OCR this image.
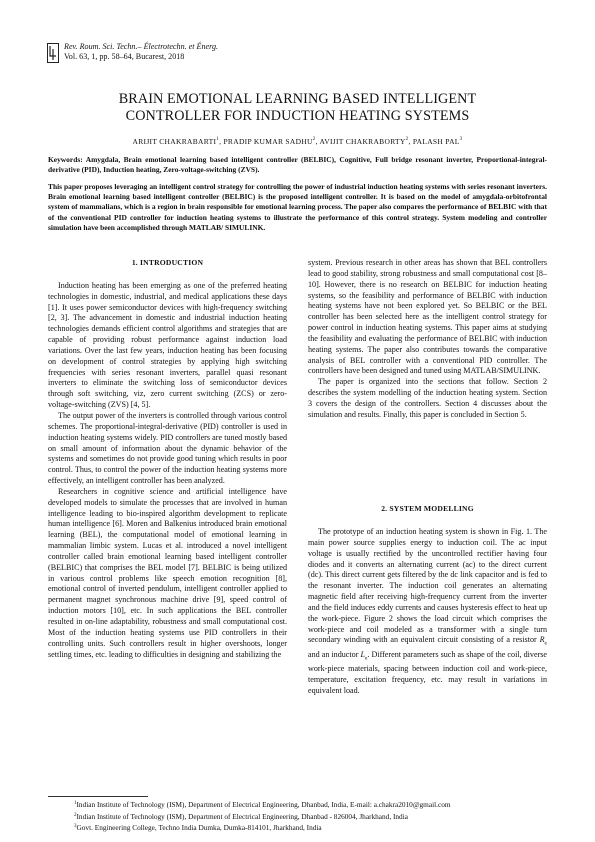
Rev. Roum. Sci. Techn.– Électrotechn. et Énerg.
Vol. 63, 1, pp. 58–64, Bucarest, 2018
BRAIN EMOTIONAL LEARNING BASED INTELLIGENT
CONTROLLER FOR INDUCTION HEATING SYSTEMS
ARIJIT CHAKRABARTI$^1$, PRADIP KUMAR SADHU$^2$, AVIJIT CHAKRABORTY$^2$, PALASH PAL$^3$
Keywords: Amygdala, Brain emotional learning based intelligent controller (BELBIC), Cognitive, Full bridge resonant inverter, Proportional-integral-derivative (PID), Induction heating, Zero-voltage-switching (ZVS).
This paper proposes leveraging an intelligent control strategy for controlling the power of industrial induction heating systems with series resonant inverters. Brain emotional learning based intelligent controller (BELBIC) is the proposed intelligent controller. It is based on the model of amygdala-orbitofrontal system of mammalians, which is a region in brain responsible for emotional learning process. The paper also compares the performance of BELBIC with that of the conventional PID controller for induction heating systems to illustrate the performance of this control strategy. System modeling and controller simulation have been accomplished through MATLAB/ SIMULINK.
1. INTRODUCTION

Induction heating has been emerging as one of the preferred heating technologies in domestic, industrial, and medical applications these days [1]. It uses power semiconductor devices with high-frequency switching [2, 3]. The advancement in domestic and industrial induction heating technologies demands efficient control algorithms and strategies that are capable of providing robust performance against induction load variations. Over the last few years, induction heating has been focusing on development of control strategies by applying high switching frequencies with series resonant inverters, parallel quasi resonant inverters to eliminate the switching loss of semiconductor devices through soft switching, viz, zero current switching (ZCS) or zero-voltage-switching (ZVS) [4, 5].

The output power of the inverters is controlled through various control schemes. The proportional-integral-derivative (PID) controller is used in induction heating systems widely. PID controllers are tuned mostly based on small amount of information about the dynamic behavior of the systems and sometimes do not provide good tuning which results in poor control. Thus, to control the power of the induction heating systems more effectively, an intelligent controller has been analyzed.

Researchers in cognitive science and artificial intelligence have developed models to simulate the processes that are involved in human intelligence leading to bio-inspired algorithm development to replicate human intelligence [6]. Moren and Balkenius introduced brain emotional learning (BEL), the computational model of emotional learning in mammalian limbic system. Lucas et al. introduced a novel intelligent controller called brain emotional learning based intelligent controller (BELBIC) that comprises the BEL model [7]. BELBIC is being utilized in various control problems like speech emotion recognition [8], emotional control of inverted pendulum, intelligent controller applied to permanent magnet synchronous machine drive [9], speed control of induction motors [10], etc. In such applications the BEL controller resulted in on-line adaptability, robustness and small computational cost. Most of the induction heating systems use PID controllers in their controlling units. Such controllers result in higher overshoots, longer settling times, etc. leading to difficulties in designing and stabilizing the

system. Previous research in other areas has shown that BEL controllers lead to good stability, strong robustness and small computational cost [8–10]. However, there is no research on BELBIC for induction heating systems, so the feasibility and performance of BELBIC with induction heating systems have not been explored yet. So BELBIC or the BEL controller has been selected here as the intelligent control strategy for power control in induction heating systems. This paper aims at studying the feasibility and evaluating the performance of BELBIC with induction heating systems. The paper also contributes towards the comparative analysis of BEL controller with a conventional PID controller. The controllers have been designed and tuned using MATLAB/SIMULINK.

The paper is organized into the sections that follow. Section 2 describes the system modelling of the induction heating system. Section 3 covers the design of the controllers. Section 4 discusses about the simulation and results. Finally, this paper is concluded in Section 5.

2. SYSTEM MODELLING

The prototype of an induction heating system is shown in Fig. 1. The main power source supplies energy to induction coil. The ac input voltage is usually rectified by the uncontrolled rectifier having four diodes and it converts an alternating current (ac) to the direct current (dc). This direct current gets filtered by the dc link capacitor and is fed to the resonant inverter. The induction coil generates an alternating magnetic field after receiving high-frequency current from the inverter and the field induces eddy currents and causes hysteresis effect to heat up the work-piece. Figure 2 shows the load circuit which comprises the work-piece and coil modeled as a transformer with a single turn secondary winding with an equivalent circuit consisting of a resistor $R_e$ and an inductor $L_e$. Different parameters such as shape of the coil, diverse work-piece materials, spacing between induction coil and work-piece, temperature, excitation frequency, etc. may result in variations in equivalent load.

$^1$Indian Institute of Technology (ISM), Department of Electrical Engineering, Dhanbad, India, E-mail: a.chakra2010@gmail.com
$^2$Indian Institute of Technology (ISM), Department of Electrical Engineering, Dhanbad - 826004, Jharkhand, India
$^3$Govt. Engineering College, Techno India Dumka, Dumka-814101, Jharkhand, India
